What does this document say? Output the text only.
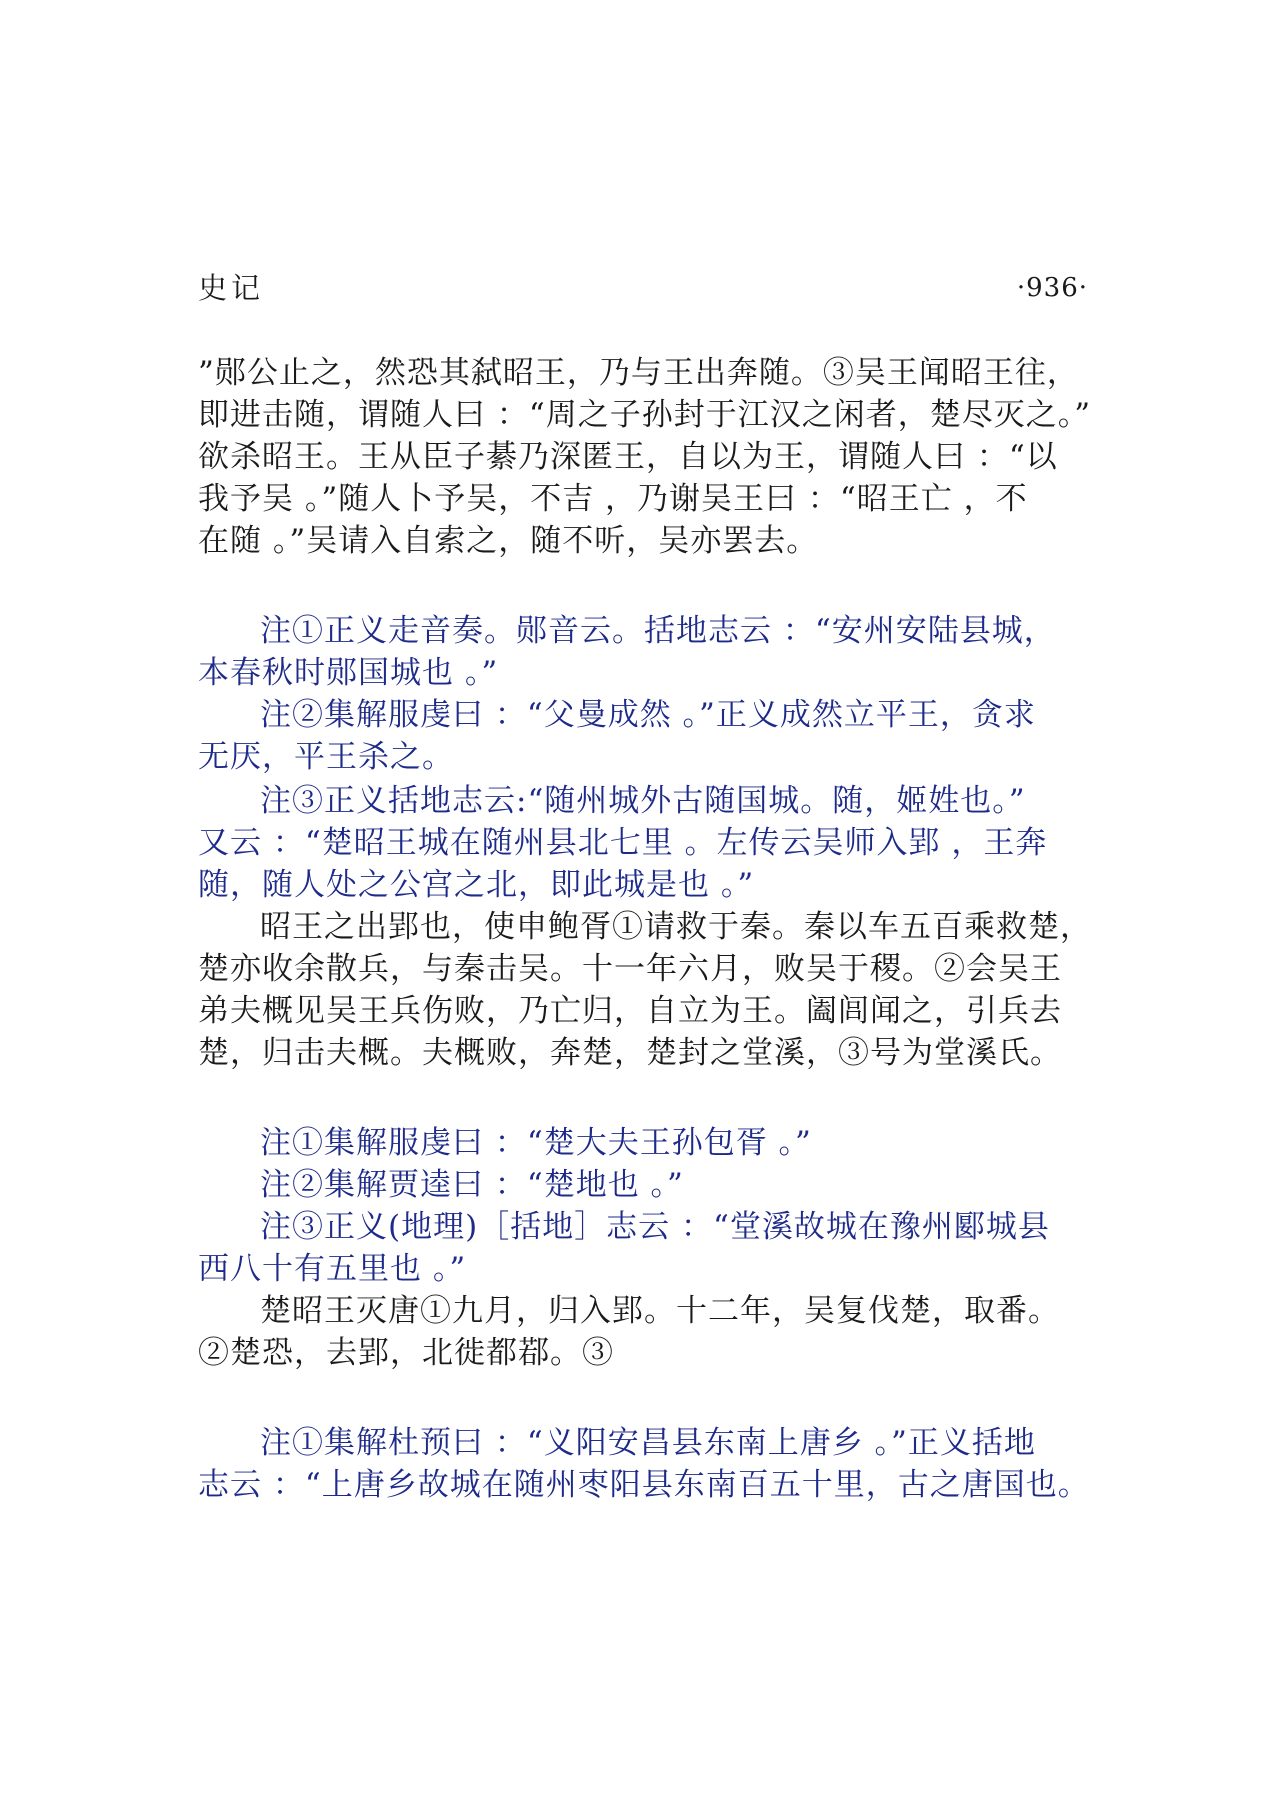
史记	·936·
”郧公止之，然恐其弑昭王，乃与王出奔随。③吴王闻昭王往，
即进击随，谓随人曰 ：“周之子孙封于江汉之闲者，楚尽灭之。”
欲杀昭王。王从臣子綦乃深匿王，自以为王，谓随人曰 ：“以
我予吴 。”随人卜予吴，不吉 ，乃谢吴王曰 ：“昭王亡 ，不
在随 。”吴请入自索之，随不听，吴亦罢去。
注①正义走音奏。郧音云。括地志云 ：“安州安陆县城，
本春秋时郧国城也 。”
注②集解服虔曰 ：“父曼成然 。”正义成然立平王，贪求
无厌，平王杀之。
注③正义括地志云:“随州城外古随国城。随，姬姓也。”
又云 ：“楚昭王城在随州县北七里 。左传云吴师入郢 ，王奔
随，随人处之公宫之北，即此城是也 。”
昭王之出郢也，使申鲍胥①请救于秦。秦以车五百乘救楚，
楚亦收余散兵，与秦击吴。十一年六月，败吴于稷。②会吴王
弟夫概见吴王兵伤败，乃亡归，自立为王。阖闾闻之，引兵去
楚，归击夫概。夫概败，奔楚，楚封之堂溪，③号为堂溪氏。
注①集解服虔曰 ：“楚大夫王孙包胥 。”
注②集解贾逵曰 ：“楚地也 。”
注③正义(地理)［括地］志云 ：“堂溪故城在豫州郾城县
西八十有五里也 。”
楚昭王灭唐①九月，归入郢。十二年，吴复伐楚，取番。
②楚恐，去郢，北徙都鄀。③
注①集解杜预曰 ：“义阳安昌县东南上唐乡 。”正义括地
志云 ：“上唐乡故城在随州枣阳县东南百五十里，古之唐国也。
